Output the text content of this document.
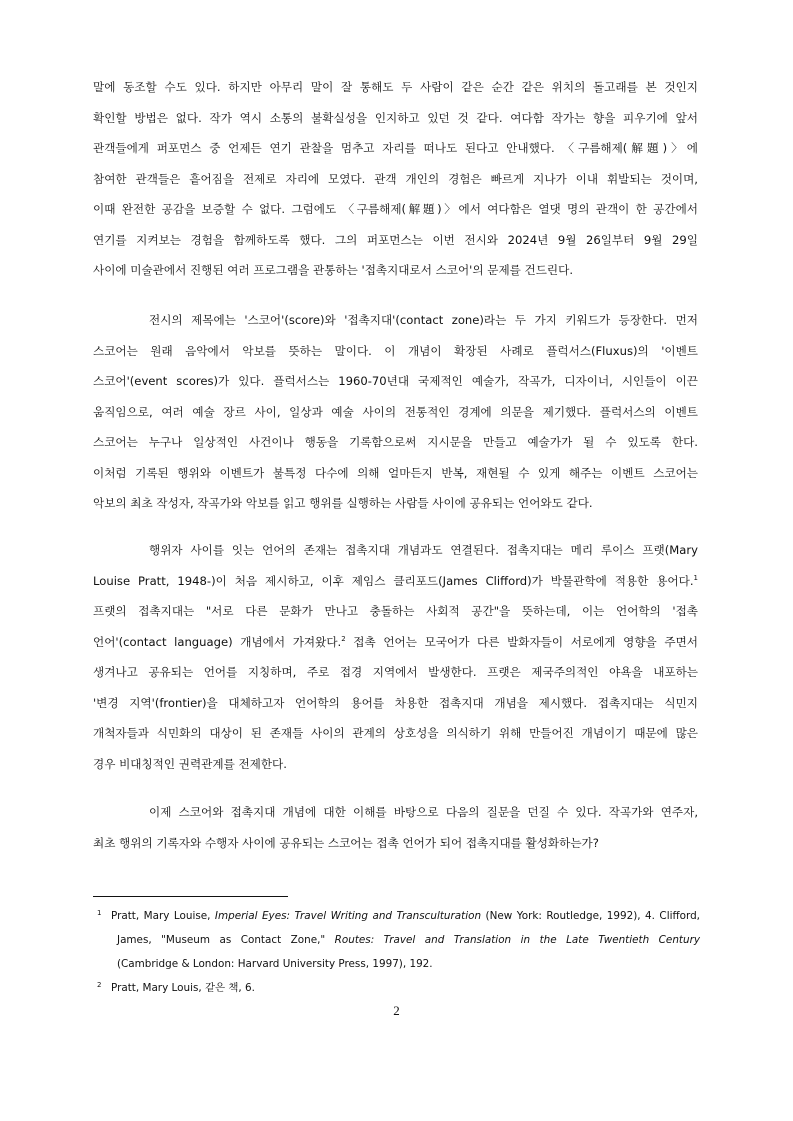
말에 동조할 수도 있다. 하지만 아무리 말이 잘 통해도 두 사람이 같은 순간 같은 위치의 돌고래를 본 것인지
확인할 방법은 없다. 작가 역시 소통의 불확실성을 인지하고 있던 것 같다. 여다함 작가는 향을 피우기에 앞서
관객들에게 퍼포먼스 중 언제든 연기 관찰을 멈추고 자리를 떠나도 된다고 안내했다. 〈구름해제(解題)〉에
참여한 관객들은 흩어짐을 전제로 자리에 모였다. 관객 개인의 경험은 빠르게 지나가 이내 휘발되는 것이며,
이때 완전한 공감을 보증할 수 없다. 그럼에도 〈구름해제(解題)〉에서 여다함은 열댓 명의 관객이 한 공간에서
연기를 지켜보는 경험을 함께하도록 했다. 그의 퍼포먼스는 이번 전시와 2024년 9월 26일부터 9월 29일
사이에 미술관에서 진행된 여러 프로그램을 관통하는 '접촉지대로서 스코어'의 문제를 건드린다.
전시의 제목에는 '스코어'(score)와 '접촉지대'(contact zone)라는 두 가지 키워드가 등장한다. 먼저
스코어는 원래 음악에서 악보를 뜻하는 말이다. 이 개념이 확장된 사례로 플럭서스(Fluxus)의 '이벤트
스코어'(event scores)가 있다. 플럭서스는 1960-70년대 국제적인 예술가, 작곡가, 디자이너, 시인들이 이끈
움직임으로, 여러 예술 장르 사이, 일상과 예술 사이의 전통적인 경계에 의문을 제기했다. 플럭서스의 이벤트
스코어는 누구나 일상적인 사건이나 행동을 기록함으로써 지시문을 만들고 예술가가 될 수 있도록 한다.
이처럼 기록된 행위와 이벤트가 불특정 다수에 의해 얼마든지 반복, 재현될 수 있게 해주는 이벤트 스코어는
악보의 최초 작성자, 작곡가와 악보를 읽고 행위를 실행하는 사람들 사이에 공유되는 언어와도 같다.
행위자 사이를 잇는 언어의 존재는 접촉지대 개념과도 연결된다. 접촉지대는 메리 루이스 프랫(Mary
Louise Pratt, 1948-)이 처음 제시하고, 이후 제임스 클리포드(James Clifford)가 박물관학에 적용한 용어다.$^1$
프랫의 접촉지대는 "서로 다른 문화가 만나고 충돌하는 사회적 공간"을 뜻하는데, 이는 언어학의 '접촉
언어'(contact language) 개념에서 가져왔다.$^2$ 접촉 언어는 모국어가 다른 발화자들이 서로에게 영향을 주면서
생겨나고 공유되는 언어를 지칭하며, 주로 접경 지역에서 발생한다. 프랫은 제국주의적인 야욕을 내포하는
'변경 지역'(frontier)을 대체하고자 언어학의 용어를 차용한 접촉지대 개념을 제시했다. 접촉지대는 식민지
개척자들과 식민화의 대상이 된 존재들 사이의 관계의 상호성을 의식하기 위해 만들어진 개념이기 때문에 많은
경우 비대칭적인 권력관계를 전제한다.
이제 스코어와 접촉지대 개념에 대한 이해를 바탕으로 다음의 질문을 던질 수 있다. 작곡가와 연주자,
최초 행위의 기록자와 수행자 사이에 공유되는 스코어는 접촉 언어가 되어 접촉지대를 활성화하는가?
1 Pratt, Mary Louise, Imperial Eyes: Travel Writing and Transculturation (New York: Routledge, 1992), 4. Clifford,
James, "Museum as Contact Zone," Routes: Travel and Translation in the Late Twentieth Century
(Cambridge & London: Harvard University Press, 1997), 192.
2 Pratt, Mary Louis, 같은 책, 6.
2
